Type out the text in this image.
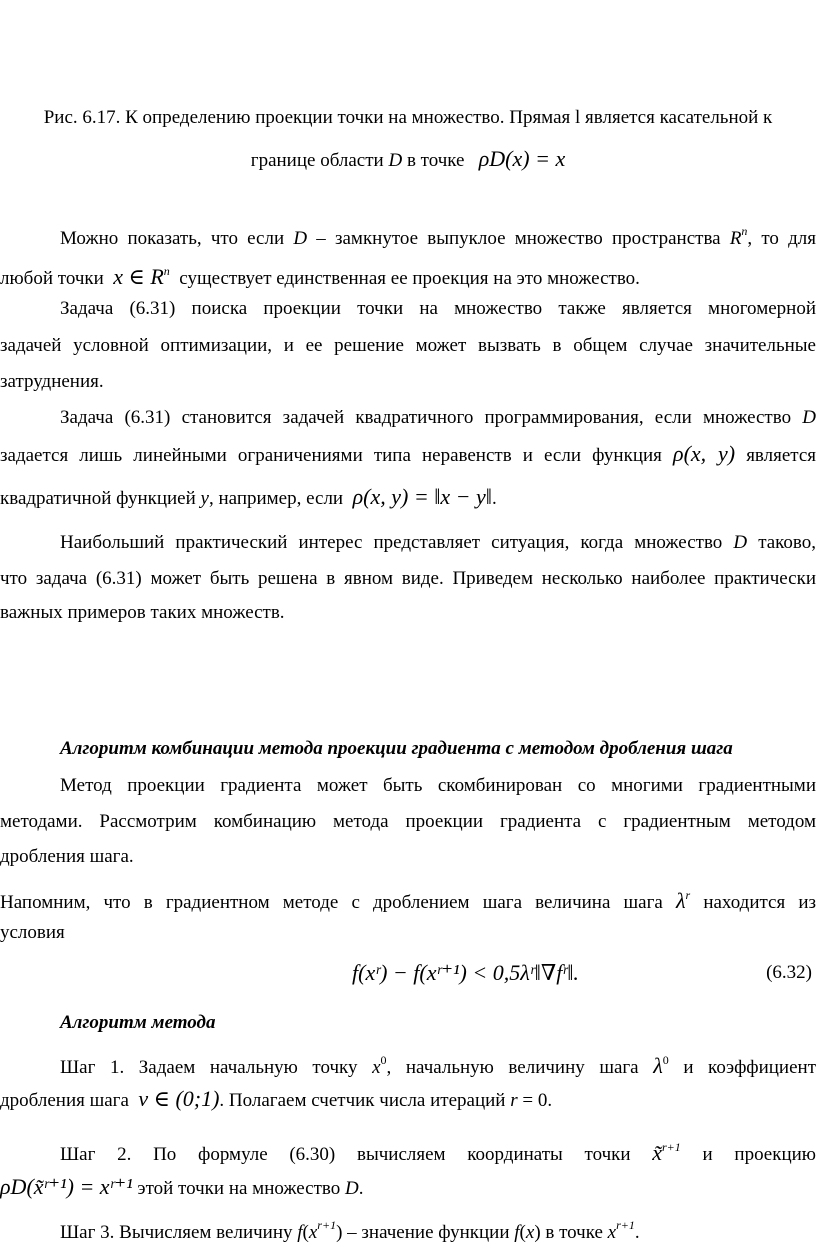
Рис. 6.17. К определению проекции точки на множество. Прямая l является касательной к
границе области D в точке ρD(x) = x
Можно показать, что если D – замкнутое выпуклое множество пространства $R^n$, то для
любой точки x ∈ $R^n$ существует единственная ее проекция на это множество.
Задача (6.31) поиска проекции точки на множество также является многомерной
задачей условной оптимизации, и ее решение может вызвать в общем случае значительные
затруднения.
Задача (6.31) становится задачей квадратичного программирования, если множество D
задается лишь линейными ограничениями типа неравенств и если функция ρ(x, y) является
квадратичной функцией y, например, если ρ(x, y) = ‖x − y‖.
Наибольший практический интерес представляет ситуация, когда множество D таково,
что задача (6.31) может быть решена в явном виде. Приведем несколько наиболее практически
важных примеров таких множеств.
Алгоритм комбинации метода проекции градиента с методом дробления шага
Метод проекции градиента может быть скомбинирован со многими градиентными
методами. Рассмотрим комбинацию метода проекции градиента с градиентным методом
дробления шага.
Напомним, что в градиентном методе с дроблением шага величина шага $\lambda^r$ находится из
условия
f(xʳ) − f(xʳ⁺¹) < 0,5λʳ‖∇fʳ‖.	(6.32)
Алгоритм метода
Шаг 1. Задаем начальную точку $x^0$, начальную величину шага $\lambda^0$ и коэффициент
дробления шага ν ∈ (0;1). Полагаем счетчик числа итераций r = 0.
Шаг 2. По формуле (6.30) вычисляем координаты точки x̃$^{r+1}$ и проекцию
ρD(x̃ʳ⁺¹) = xʳ⁺¹ этой точки на множество D.
Шаг 3. Вычисляем величину $f(x^{r+1})$ – значение функции f(x) в точке $x^{r+1}$.
